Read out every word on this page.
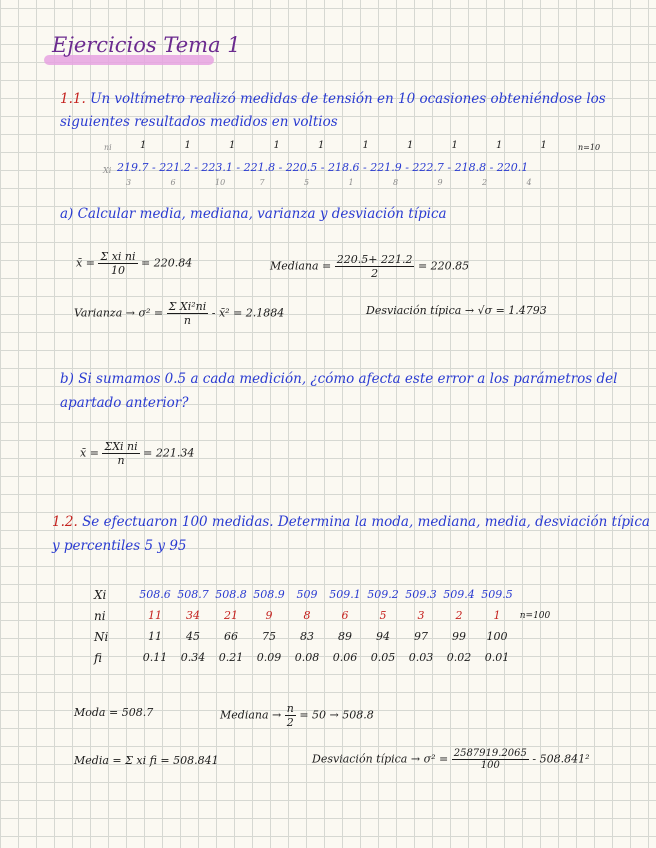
Ejercicios Tema 1
1.1. Un voltímetro realizó medidas de tensión en 10 ocasiones obteniéndose los
siguientes resultados medidos en voltios
ni	1	1	1	1	1	1	1	1	1	1	n=10
Xi 219.7 - 221.2 - 223.1 - 221.8 - 220.5 - 218.6 - 221.9 - 222.7 - 218.8 - 220.1
3	6	10	7	5	1	8	9	2	4
a) Calcular media, mediana, varianza y desviación típica
x̄ = $\frac{\text{Σ xi ni}}{10} = 220.84$	Mediana = $\frac{220.5+ 221.2}{2} = 220.85$
Varianza → $\sigma^2 = \frac{\text{Σ Xi²ni}}{n}$ - x̄² = 2.1884	Desviación típica → √σ = 1.4793
b) Si sumamos 0.5 a cada medición, ¿cómo afecta este error a los parámetros del
apartado anterior?
x̄ = $\frac{\text{ΣXi ni}}{n} = 221.34$
1.2. Se efectuaron 100 medidas. Determina la moda, mediana, media, desviación típica
y percentiles 5 y 95
Xi	508.6	508.7	508.8	508.9	509	509.1	509.2	509.3	509.4	509.5	
ni	11	34	21	9	8	6	5	3	2	1	n=100
Ni	11	45	66	75	83	89	94	97	99	100	
fi	0.11	0.34	0.21	0.09	0.08	0.06	0.05	0.03	0.02	0.01	
Moda = 508.7	Mediana → $\frac{n}{2} = 50 \to 508.8$
Media = Σ xi fi = 508.841	Desviación típica → $\sigma^2 = \frac{2587919.2065}{100} - 508.841^2$
